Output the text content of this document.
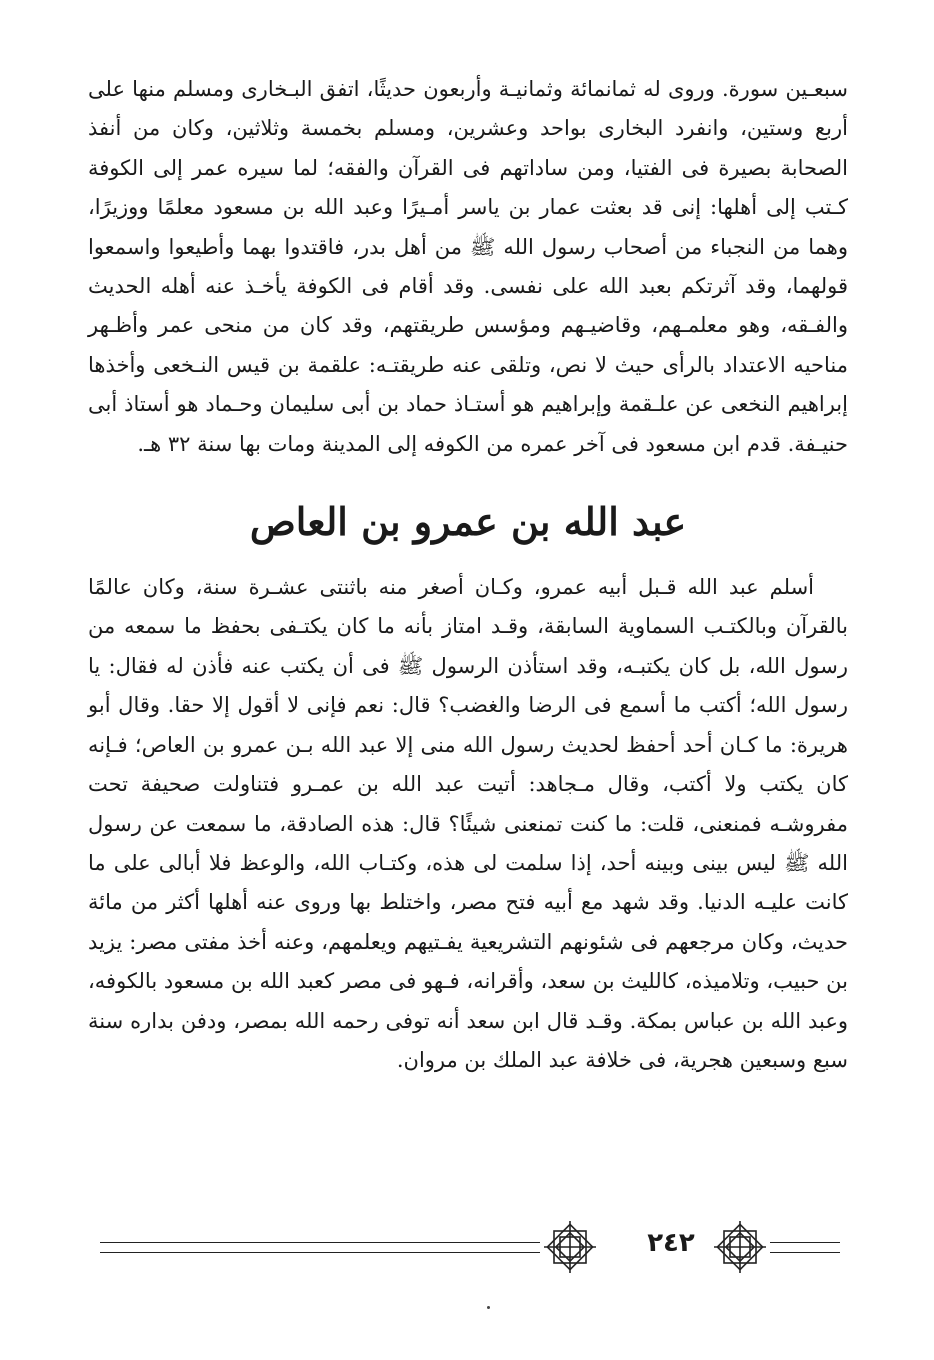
سبعـين سورة. وروى له ثمانمائة وثمانيـة وأربعون حديثًا، اتفق البـخارى ومسلم منها على أربع وستين، وانفرد البخارى بواحد وعشرين، ومسلم بخمسة وثلاثين، وكان من أنفذ الصحابة بصيرة فى الفتيا، ومن ساداتهم فى القرآن والفقه؛ لما سيره عمر إلى الكوفة كـتب إلى أهلها: إنى قد بعثت عمار بن ياسر أمـيرًا وعبد الله بن مسعود معلمًا ووزيرًا، وهما من النجباء من أصحاب رسول الله ﷺ من أهل بدر، فاقتدوا بهما وأطيعوا واسمعوا قولهما، وقد آثرتكم بعبد الله على نفسى. وقد أقام فى الكوفة يأخـذ عنه أهله الحديث والفـقه، وهو معلمـهم، وقاضيـهم ومؤسس طريقتهم، وقد كان من منحى عمر وأظـهر مناحيه الاعتداد بالرأى حيث لا نص، وتلقى عنه طريقتـه: علقمة بن قيس النـخعى وأخذها إبراهيم النخعى عن علـقمة وإبراهيم هو أستـاذ حماد بن أبى سليمان وحـماد هو أستاذ أبى حنيـفة. قدم ابن مسعود فى آخر عمره من الكوفه إلى المدينة ومات بها سنة ٣٢ هـ.

عبد الله بن عمرو بن العاص

أسلم عبد الله قـبل أبيه عمرو، وكـان أصغر منه باثنتى عشـرة سنة، وكان عالمًا بالقرآن وبالكتـب السماوية السابقة، وقـد امتاز بأنه ما كان يكتـفى بحفظ ما سمعه من رسول الله، بل كان يكتبـه، وقد استأذن الرسول ﷺ فى أن يكتب عنه فأذن له فقال: يا رسول الله؛ أكتب ما أسمع فى الرضا والغضب؟ قال: نعم فإنى لا أقول إلا حقا. وقال أبو هريرة: ما كـان أحد أحفظ لحديث رسول الله منى إلا عبد الله بـن عمرو بن العاص؛ فـإنه كان يكتب ولا أكتب، وقال مـجاهد: أتيت عبد الله بن عمـرو فتناولت صحيفة تحت مفروشـه فمنعنى، قلت: ما كنت تمنعنى شيئًا؟ قال: هذه الصادقة، ما سمعت عن رسول الله ﷺ ليس بينى وبينه أحد، إذا سلمت لى هذه، وكتـاب الله، والوعظ فلا أبالى على ما كانت عليـه الدنيا. وقد شهد مع أبيه فتح مصر، واختلط بها وروى عنه أهلها أكثر من مائة حديث، وكان مرجعهم فى شئونهم التشريعية يفـتيهم ويعلمهم، وعنه أخذ مفتى مصر: يزيد بن حبيب، وتلاميذه، كالليث بن سعد، وأقرانه، فـهو فى مصر كعبد الله بن مسعود بالكوفه، وعبد الله بن عباس بمكة. وقـد قال ابن سعد أنه توفى رحمه الله بمصر، ودفن بداره سنة سبع وسبعين هجرية، فى خلافة عبد الملك بن مروان.

٢٤٢
